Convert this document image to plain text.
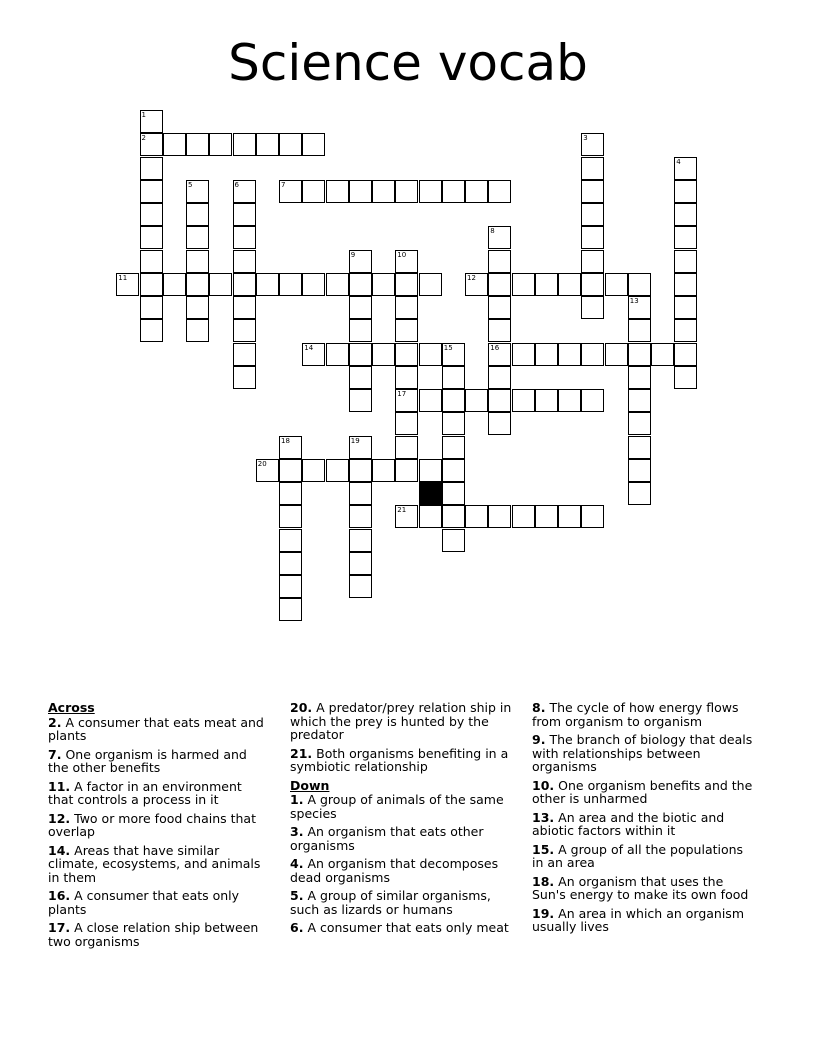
Science vocab
1
2	3
4
5	6	7
8
16
9	10
17
11	12
13
14	15
18	19
20
21
Across
2. A consumer that eats meat and plants
7. One organism is harmed and the other benefits
11. A factor in an environment that controls a process in it
12. Two or more food chains that overlap
14. Areas that have similar climate, ecosystems, and animals in them
16. A consumer that eats only plants
17. A close relation ship between two organisms
20. A predator/prey relation ship in which the prey is hunted by the predator
21. Both organisms benefiting in a symbiotic relationship
Down
1. A group of animals of the same species
3. An organism that eats other organisms
4. An organism that decomposes dead organisms
5. A group of similar organisms, such as lizards or humans
6. A consumer that eats only meat
8. The cycle of how energy flows from organism to organism
9. The branch of biology that deals with relationships between organisms
10. One organism benefits and the other is unharmed
13. An area and the biotic and abiotic factors within it
15. A group of all the populations in an area
18. An organism that uses the Sun's energy to make its own food
19. An area in which an organism usually lives
